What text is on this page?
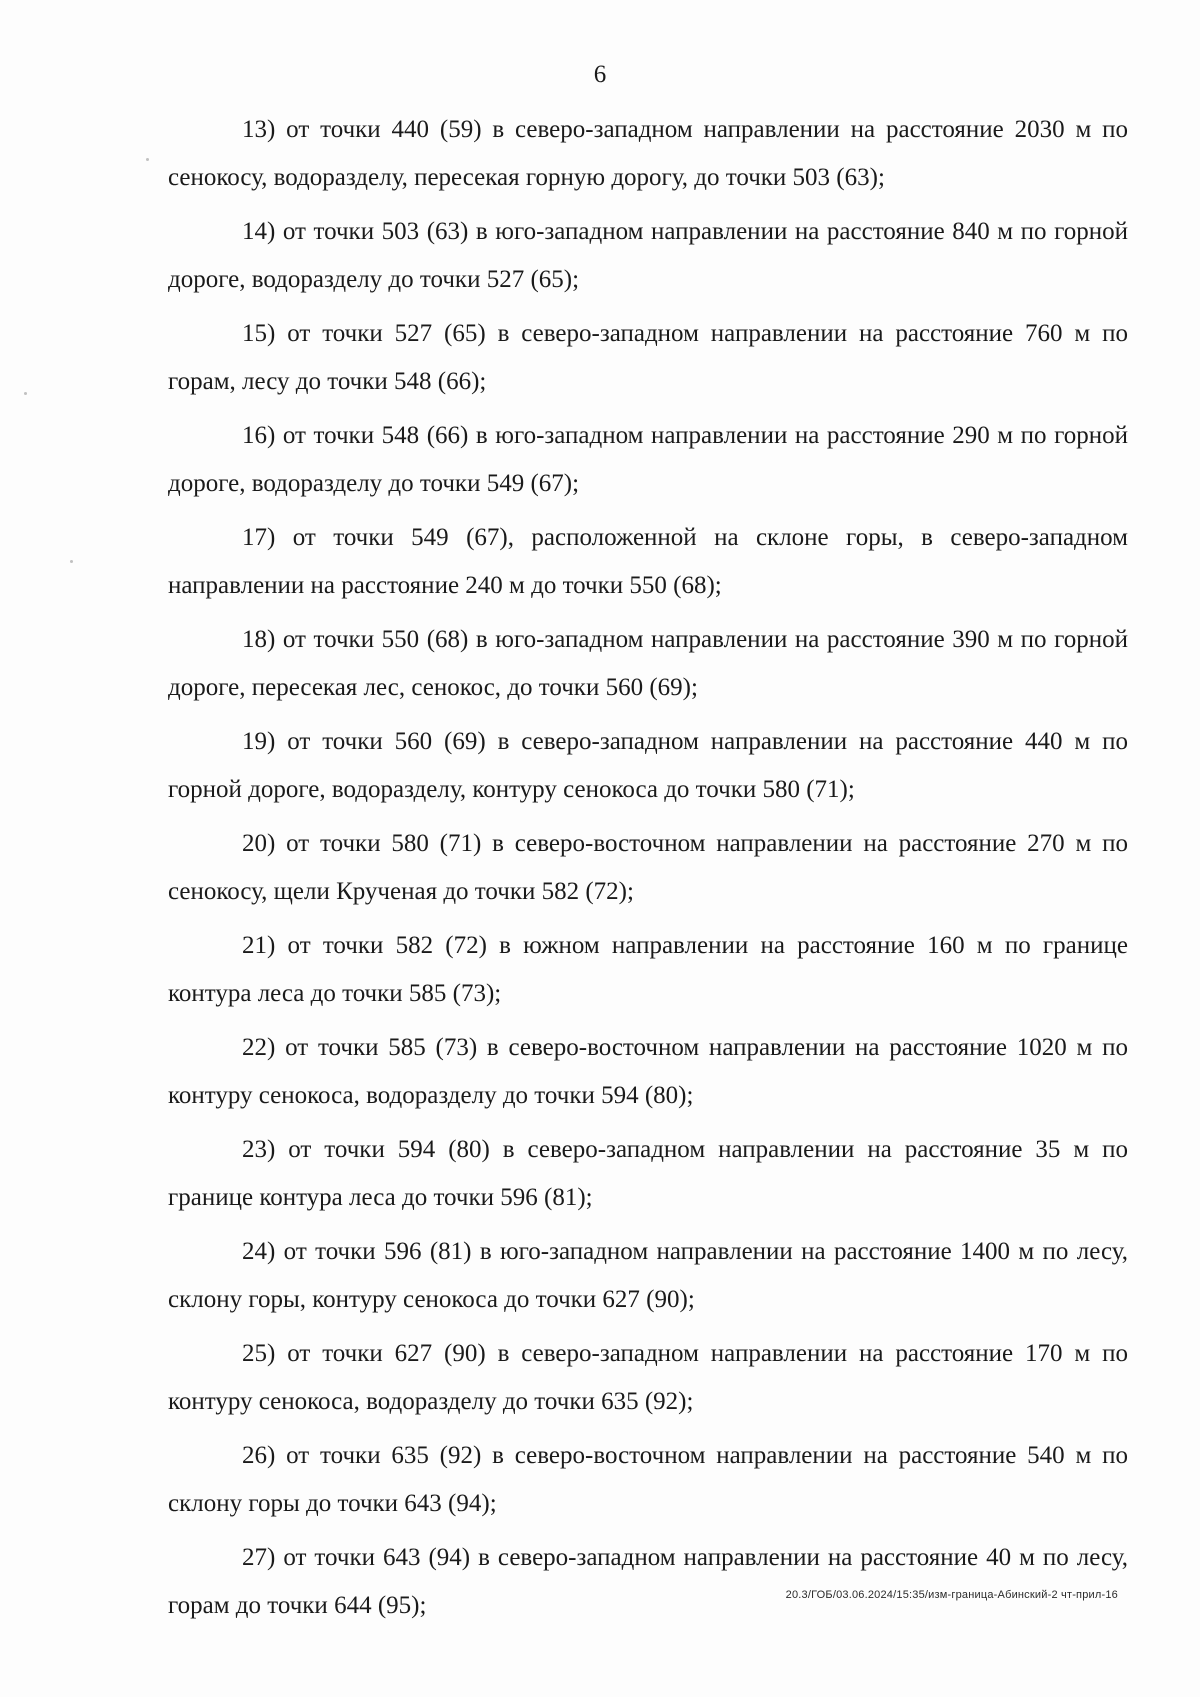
6
13) от точки 440 (59) в северо-западном направлении на расстояние 2030 м по сенокосу, водоразделу, пересекая горную дорогу, до точки 503 (63);
14) от точки 503 (63) в юго-западном направлении на расстояние 840 м по горной дороге, водоразделу до точки 527 (65);
15) от точки 527 (65) в северо-западном направлении на расстояние 760 м по горам, лесу до точки 548 (66);
16) от точки 548 (66) в юго-западном направлении на расстояние 290 м по горной дороге, водоразделу до точки 549 (67);
17) от точки 549 (67), расположенной на склоне горы, в северо-западном направлении на расстояние 240 м до точки 550 (68);
18) от точки 550 (68) в юго-западном направлении на расстояние 390 м по горной дороге, пересекая лес, сенокос, до точки 560 (69);
19) от точки 560 (69) в северо-западном направлении на расстояние 440 м по горной дороге, водоразделу, контуру сенокоса до точки 580 (71);
20) от точки 580 (71) в северо-восточном направлении на расстояние 270 м по сенокосу, щели Крученая до точки 582 (72);
21) от точки 582 (72) в южном направлении на расстояние 160 м по границе контура леса до точки 585 (73);
22) от точки 585 (73) в северо-восточном направлении на расстояние 1020 м по контуру сенокоса, водоразделу до точки 594 (80);
23) от точки 594 (80) в северо-западном направлении на расстояние 35 м по границе контура леса до точки 596 (81);
24) от точки 596 (81) в юго-западном направлении на расстояние 1400 м по лесу, склону горы, контуру сенокоса до точки 627 (90);
25) от точки 627 (90) в северо-западном направлении на расстояние 170 м по контуру сенокоса, водоразделу до точки 635 (92);
26) от точки 635 (92) в северо-восточном направлении на расстояние 540 м по склону горы до точки 643 (94);
27) от точки 643 (94) в северо-западном направлении на расстояние 40 м по лесу, горам до точки 644 (95);	20.3/ГОБ/03.06.2024/15:35/изм-граница-Абинский-2 чт-прил-16
